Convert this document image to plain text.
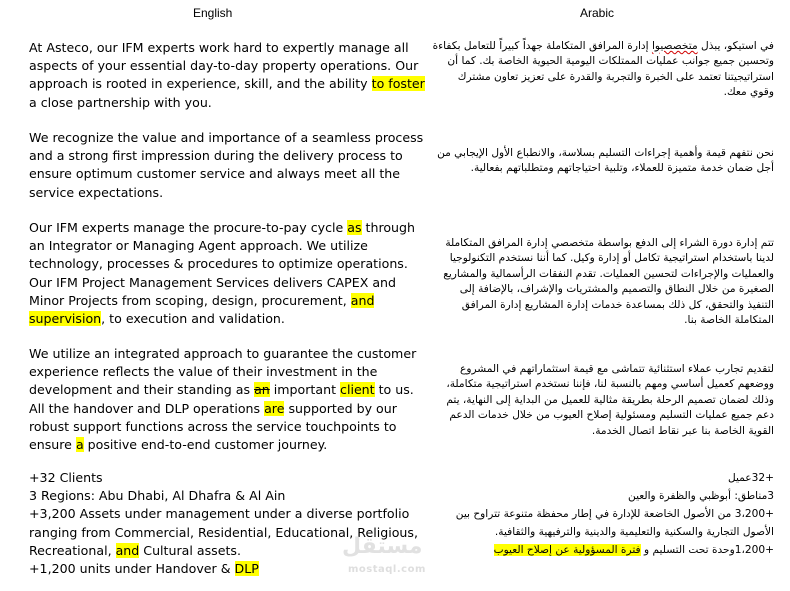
English	Arabic
At Asteco, our IFM experts work hard to expertly manage all
aspects of your essential day-to-day property operations. Our
approach is rooted in experience, skill, and the ability to foster
a close partnership with you.
We recognize the value and importance of a seamless process
and a strong first impression during the delivery process to
ensure optimum customer service and always meet all the
service expectations.
Our IFM experts manage the procure-to-pay cycle as through
an Integrator or Managing Agent approach. We utilize
technology, processes & procedures to optimize operations.
Our IFM Project Management Services delivers CAPEX and
Minor Projects from scoping, design, procurement, and
supervision, to execution and validation.
We utilize an integrated approach to guarantee the customer
experience reflects the value of their investment in the
development and their standing as an important client to us.
All the handover and DLP operations are supported by our
robust support functions across the service touchpoints to
ensure a positive end-to-end customer journey.
+32 Clients
3 Regions: Abu Dhabi, Al Dhafra & Al Ain
+3,200 Assets under management under a diverse portfolio
ranging from Commercial, Residential, Educational, Religious,
Recreational, and Cultural assets.
+1,200 units under Handover & DLP
في استيكو، يبذل متخصصيوا إدارة المرافق المتكاملة جهداً كبيراً للتعامل بكفاءة
وتحسين جميع جوانب عمليات الممتلكات اليومية الحيوية الخاصة بك. كما أن
استراتيجيتنا تعتمد على الخبرة والتجربة والقدرة على تعزيز تعاون مشترك
وقوي معك.
نحن نتفهم قيمة وأهمية إجراءات التسليم بسلاسة، والانطباع الأول الإيجابي من
أجل ضمان خدمة متميزة للعملاء، وتلبية احتياجاتهم ومتطلباتهم بفعالية.
تتم إدارة دورة الشراء إلى الدفع بواسطة متخصصي إدارة المرافق المتكاملة
لدينا باستخدام استراتيجية تكامل أو إدارة وكيل. كما أننا نستخدم التكنولوجيا
والعمليات والإجراءات لتحسين العمليات. تقدم النفقات الرأسمالية والمشاريع
الصغيرة من خلال النطاق والتصميم والمشتريات والإشراف، بالإضافة إلى
التنفيذ والتحقق، كل ذلك بمساعدة خدمات إدارة المشاريع إدارة المرافق
المتكاملة الخاصة بنا.
لتقديم تجارب عملاء استثنائية تتماشى مع قيمة استثماراتهم في المشروع
ووضعهم كعميل أساسي ومهم بالنسبة لنا، فإننا نستخدم استراتيجية متكاملة،
وذلك لضمان تصميم الرحلة بطريقة مثالية للعميل من البداية إلى النهاية، يتم
دعم جميع عمليات التسليم ومسئولية إصلاح العيوب من خلال خدمات الدعم
القوية الخاصة بنا عبر نقاط اتصال الخدمة.
+32عميل
3مناطق: أبوظبي والظفرة والعين
+3،200 من الأصول الخاضعة للإدارة في إطار محفظة متنوعة تتراوح بين
الأصول التجارية والسكنية والتعليمية والدينية والترفيهية والثقافية.
+1،200وحدة تحت التسليم و فترة المسؤولية عن إصلاح العيوب
مستقل
mostaql.com
